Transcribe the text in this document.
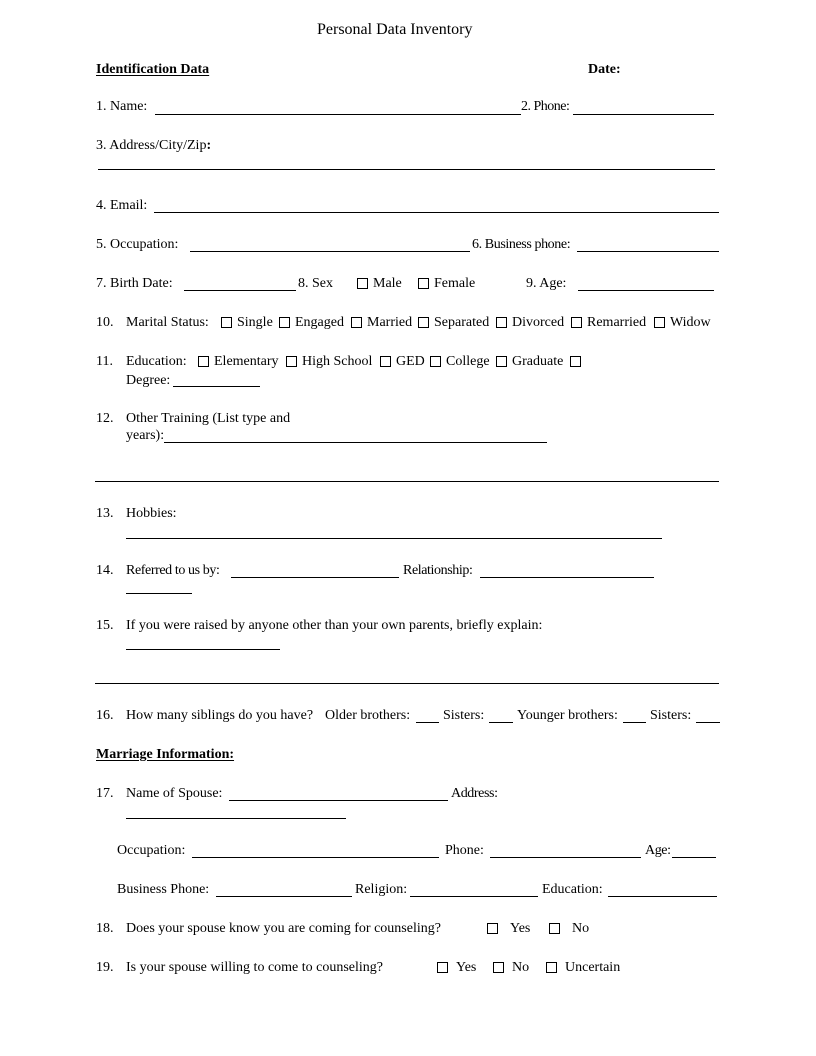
Personal Data Inventory
Identification Data	Date:
1. Name:	2. Phone:
3. Address/City/Zip:
4. Email:
5. Occupation:	6. Business phone:
7. Birth Date:	8. Sex	Male Female	9. Age:
10. Marital Status: Single Engaged Married Separated Divorced Remarried Widow
11. Education: Elementary High School GED College Graduate
Degree:
12. Other Training (List type and
years):
13. Hobbies:
14. Referred to us by:	Relationship:
15. If you were raised by anyone other than your own parents, briefly explain:
16. How many siblings do you have? Older brothers: Sisters: Younger brothers: Sisters:
Marriage Information:
17. Name of Spouse:	Address:
Occupation:	Phone:	Age:
Business Phone:	Religion:	Education:
18. Does your spouse know you are coming for counseling?	Yes	No
19. Is your spouse willing to come to counseling?	Yes	No	Uncertain
